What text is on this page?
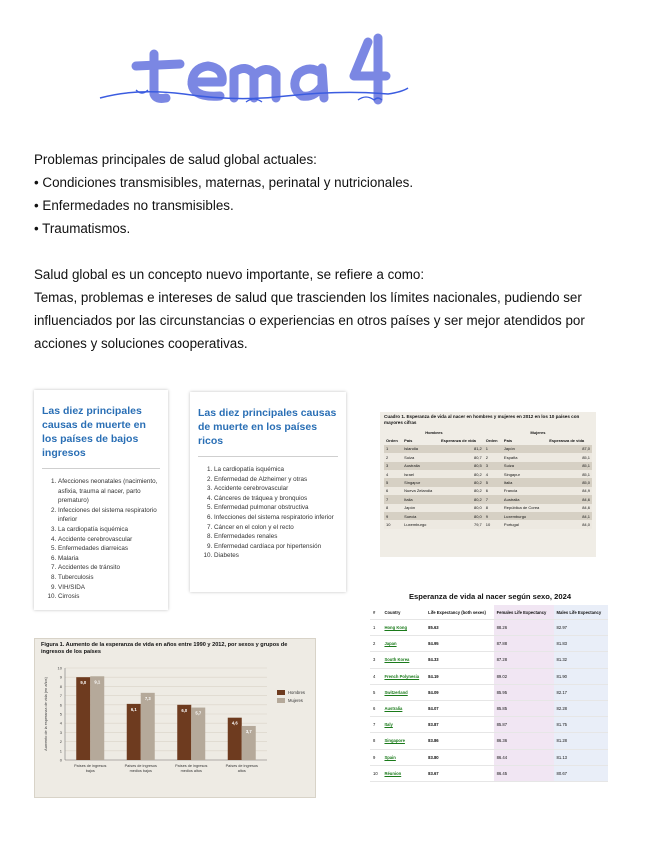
Problemas principales de salud global actuales:

• Condiciones transmisibles, maternas, perinatal y nutricionales.

• Enfermedades no transmisibles.

• Traumatismos.

Salud global es un concepto nuevo importante, se refiere a como:

Temas, problemas e intereses de salud que trascienden los límites nacionales, pudiendo ser influenciados por las circunstancias o experiencias en otros países y ser mejor atendidos por acciones y soluciones cooperativas.

Las diez principales causas de muerte en los países de bajos ingresos
1. Afecciones neonatales (nacimiento, asfixia, trauma al nacer, parto prematuro)
2. Infecciones del sistema respiratorio inferior
3. La cardiopatía isquémica
4. Accidente cerebrovascular
5. Enfermedades diarreicas
6. Malaria
7. Accidentes de tránsito
8. Tuberculosis
9. VIH/SIDA
10. Cirrosis
Las diez principales causas de muerte en los países ricos
1. La cardiopatía isquémica
2. Enfermedad de Alzheimer y otras
3. Accidente cerebrovascular
4. Cánceres de tráquea y bronquios
5. Enfermedad pulmonar obstructiva
6. Infecciones del sistema respiratorio inferior
7. Cáncer en el colon y el recto
8. Enfermedades renales
9. Enfermedad cardíaca por hipertensión
10. Diabetes
Cuadro 1. Esperanza de vida al nacer en hombres y mujeres en 2012 en los 10 países con mayores cifras
Hombres			Mujeres		
Orden	País	Esperanza de vida	Orden	País	Esperanza de vida
1	Islandia	81,2	1	Japón	87,0
2	Suiza	80,7	2	España	85,1
3	Australia	80,5	3	Suiza	85,1
4	Israel	80,2	4	Singapur	85,1
5	Singapur	80,2	5	Italia	85,0
6	Nueva Zelandia	80,2	6	Francia	84,9
7	Italia	80,2	7	Australia	84,6
8	Japón	80,0	8	República de Corea	84,6
9	Suecia	80,0	9	Luxemburgo	84,1
10	Luxemburgo	79,7	10	Portugal	84,0
Figura 1. Aumento de la esperanza de vida en años entre 1990 y 2012, por sexos y grupos de ingresos de los países
0
1
2
3
4
5
6
7
8
9
10
Aumento de la esperanza de vida (en años)	9,0 9,1
Países de ingresos
bajos
6,1
7,3
Países de ingresos
medios bajos
6,0
5,7
Países de ingresos
medios altos
4,6
3,7
Países de ingresos
altos
Hombres
Mujeres
Esperanza de vida al nacer según sexo, 2024
#	Country	Life Expectancy (both sexes)	Females Life Expectancy	Males Life Expectancy
1	Hong Kong	85.63	88.26	82.97
2	Japan	84.95	87.88	81.83
3	South Korea	84.33	87.28	81.32
4	French Polynesia	84.19	89.02	81.90
5	Switzerland	84.09	85.95	82.17
6	Australia	84.07	85.85	82.28
7	Italy	83.87	85.87	81.75
8	Singapore	83.86	86.36	81.28
9	Spain	83.80	86.44	81.13
10	Réunion	83.67	86.45	80.67
